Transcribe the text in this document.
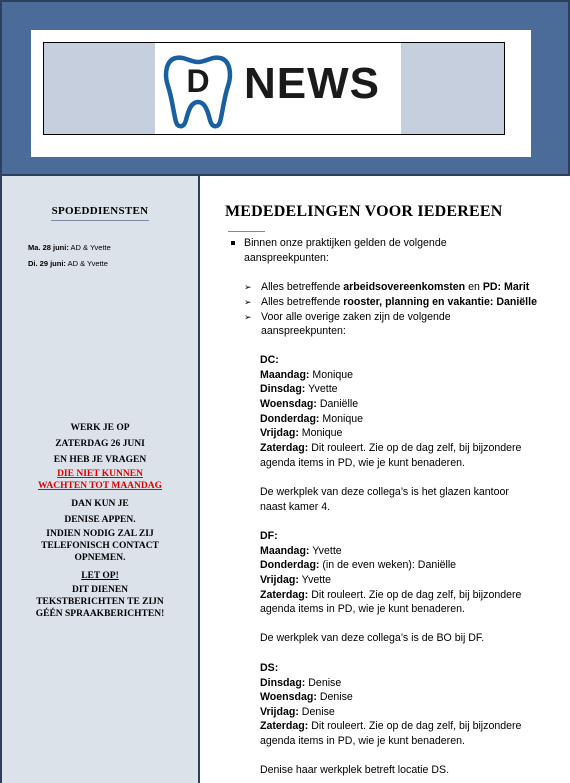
D NEWS
SPOEDDIENSTEN
Ma. 28 juni: AD & Yvette
Di. 29 juni: AD & Yvette
WERK JE OP
ZATERDAG 26 JUNI
EN HEB JE VRAGEN
DIE NIET KUNNEN
WACHTEN TOT MAANDAG
DAN KUN JE
DENISE APPEN.
INDIEN NODIG ZAL ZIJ
TELEFONISCH CONTACT
OPNEMEN.
LET OP!
DIT DIENEN
TEKSTBERICHTEN TE ZIJN
GÉÉN SPRAAKBERICHTEN!
MEDEDELINGEN VOOR IEDEREEN
Binnen onze praktijken gelden de volgende
aanspreekpunten:
➢ Alles betreffende arbeidsovereenkomsten en PD: Marit
➢ Alles betreffende rooster, planning en vakantie: Daniëlle
➢ Voor alle overige zaken zijn de volgende
aanspreekpunten:
DC:
Maandag: Monique
Dinsdag: Yvette
Woensdag: Daniëlle
Donderdag: Monique
Vrijdag: Monique
Zaterdag: Dit rouleert. Zie op de dag zelf, bij bijzondere
agenda items in PD, wie je kunt benaderen.
De werkplek van deze collega’s is het glazen kantoor
naast kamer 4.
DF:
Maandag: Yvette
Donderdag: (in de even weken): Daniëlle
Vrijdag: Yvette
Zaterdag: Dit rouleert. Zie op de dag zelf, bij bijzondere
agenda items in PD, wie je kunt benaderen.
De werkplek van deze collega’s is de BO bij DF.
DS:
Dinsdag: Denise
Woensdag: Denise
Vrijdag: Denise
Zaterdag: Dit rouleert. Zie op de dag zelf, bij bijzondere
agenda items in PD, wie je kunt benaderen.
Denise haar werkplek betreft locatie DS.
